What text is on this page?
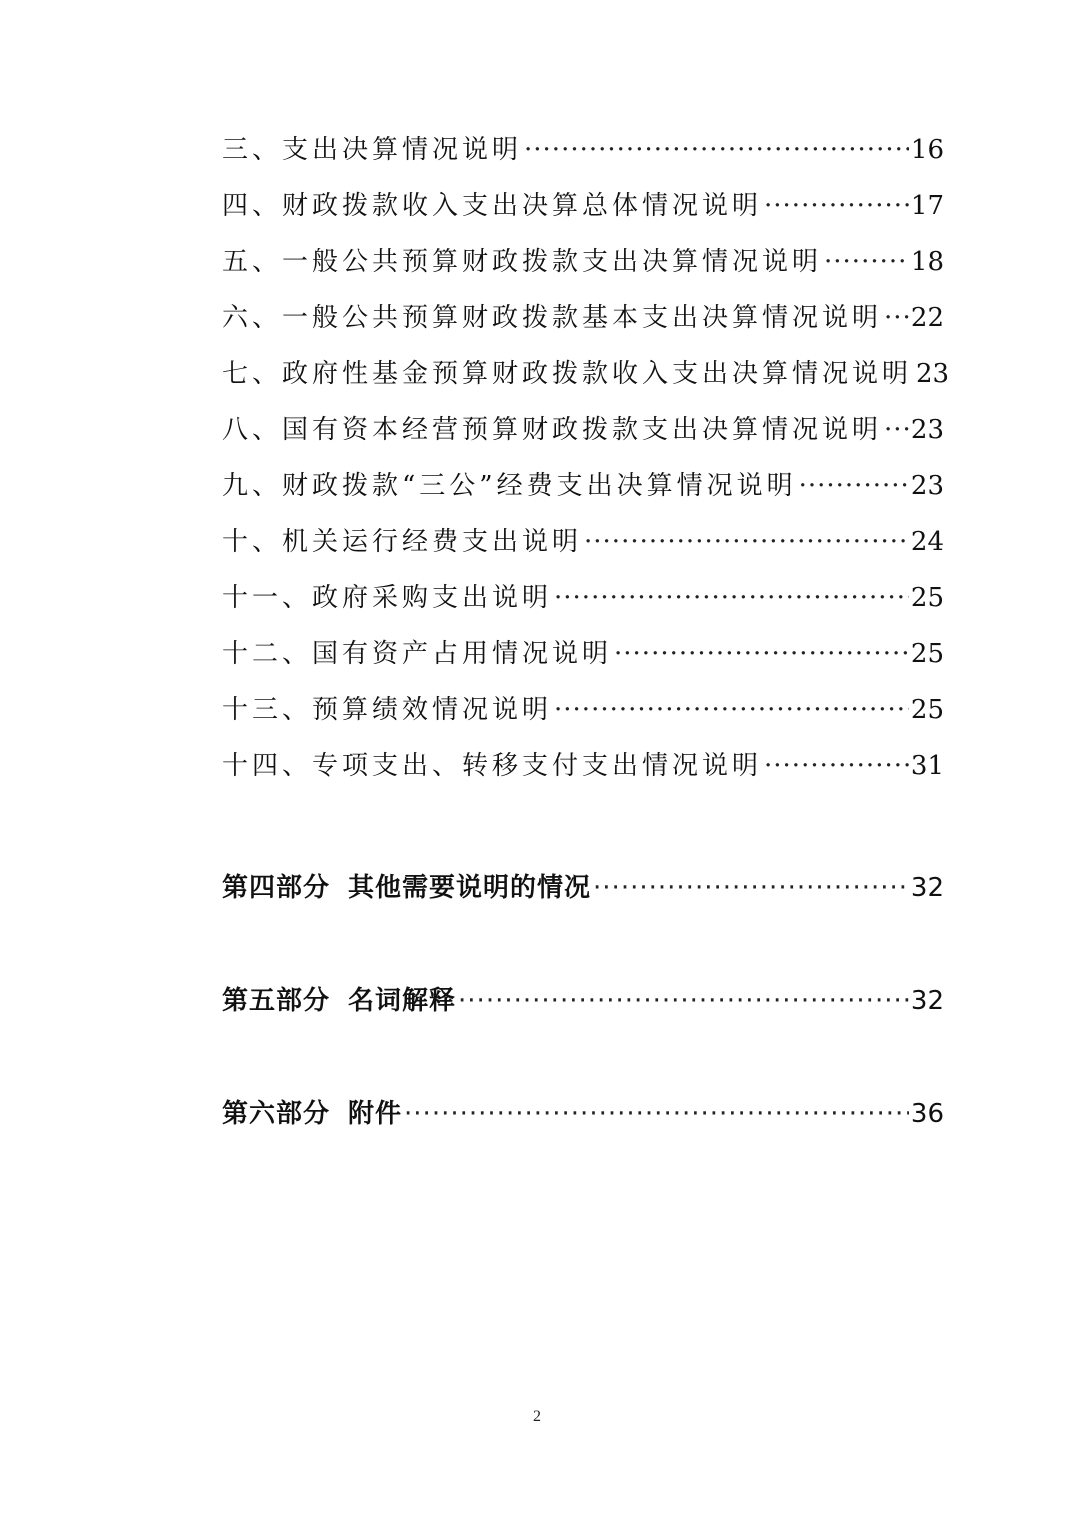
三、支出决算情况说明 ·····	16
四、财政拨款收入支出决算总体情况说明 ·····	17
五、一般公共预算财政拨款支出决算情况说明 ·····	18
六、一般公共预算财政拨款基本支出决算情况说明 ····· 22
七、政府性基金预算财政拨款收入支出决算情况说明 23
八、国有资本经营预算财政拨款支出决算情况说明 ····· 23
九、财政拨款“三公”经费支出决算情况说明 ·····	23
十、机关运行经费支出说明 ·····	24
十一、政府采购支出说明 ·····	25
十二、国有资产占用情况说明 ·····	25
十三、预算绩效情况说明 ·····	25
十四、专项支出、转移支付支出情况说明 ·····	31
第四部分 其他需要说明的情况 ·····	32
第五部分 名词解释 ·····	32
第六部分 附件 ·····	36
2
